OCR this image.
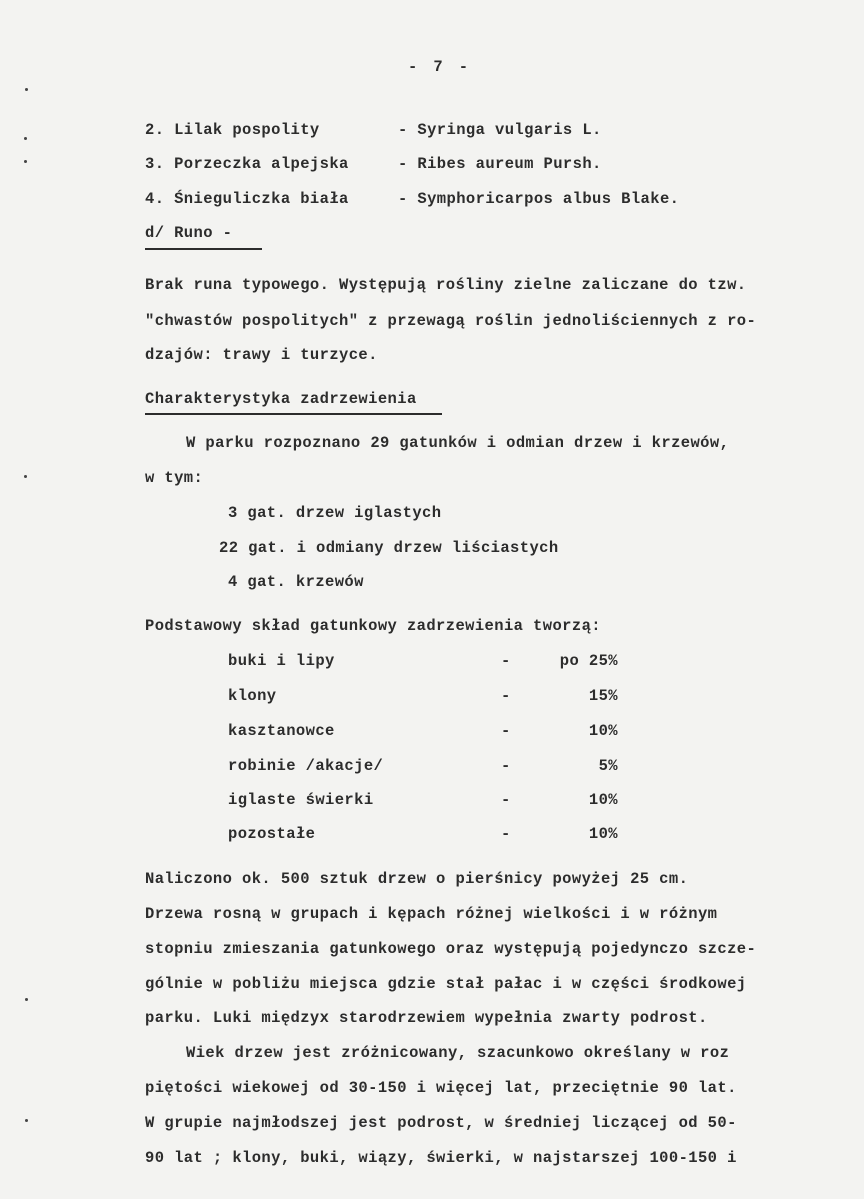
- 7 -
2. Lilak pospolity	- Syringa vulgaris L.
3. Porzeczka alpejska	- Ribes aureum Pursh.
4. Śnieguliczka biała	- Symphoricarpos albus Blake.
d/ Runo -
Brak runa typowego. Występują rośliny zielne zaliczane do tzw.
"chwastów pospolitych" z przewagą roślin jednoliściennych z ro-
dzajów: trawy i turzyce.
Charakterystyka zadrzewienia
W parku rozpoznano 29 gatunków i odmian drzew i krzewów,
w tym:
3 gat. drzew iglastych
22 gat. i odmiany drzew liściastych
4 gat. krzewów
Podstawowy skład gatunkowy zadrzewienia tworzą:
buki i lipy	-	po 25%
klony	-	15%
kasztanowce	-	10%
robinie /akacje/	-	5%
iglaste świerki	-	10%
pozostałe	-	10%
Naliczono ok. 500 sztuk drzew o pierśnicy powyżej 25 cm.
Drzewa rosną w grupach i kępach różnej wielkości i w różnym
stopniu zmieszania gatunkowego oraz występują pojedynczo szcze-
gólnie w pobliżu miejsca gdzie stał pałac i w części środkowej
parku. Luki międzyx starodrzewiem wypełnia zwarty podrost.
Wiek drzew jest zróżnicowany, szacunkowo określany w roz
piętości wiekowej od 30-150 i więcej lat, przeciętnie 90 lat.
W grupie najmłodszej jest podrost, w średniej liczącej od 50-
90 lat ; klony, buki, wiązy, świerki, w najstarszej 100-150 i
